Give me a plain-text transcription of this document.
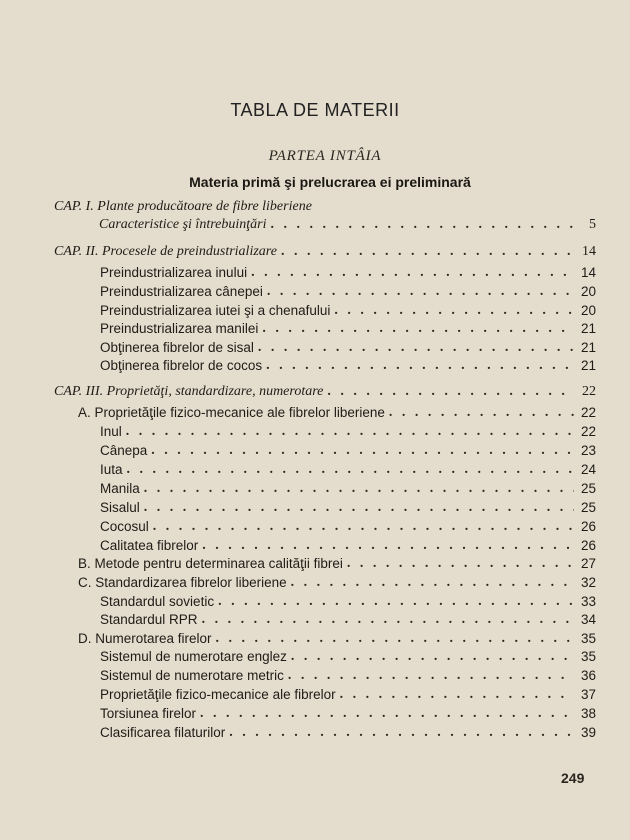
TABLA DE MATERII
PARTEA INTÂIA
Materia primă şi prelucrarea ei preliminară
CAP. I. Plante producătoare de fibre liberiene
Caracteristice şi întrebuinţări . . .	5
CAP. II. Procesele de preindustrializare . . .	14
Preindustrializarea inului . . .	14
Preindustrializarea cânepei . . .	20
Preindustrializarea iutei şi a chenafului . . .	20
Preindustrializarea manilei . . .	21
Obţinerea fibrelor de sisal . . .	21
Obţinerea fibrelor de cocos . . .	21
CAP. III. Proprietăţi, standardizare, numerotare . . .	22
A. Proprietăţile fizico-mecanice ale fibrelor liberiene . . .	22
Inul . . .	22
Cânepa . . .	23
Iuta . . .	24
Manila . . .	25
Sisalul . . .	25
Cocosul . . .	26
Calitatea fibrelor . . .	26
B. Metode pentru determinarea calităţii fibrei . . .	27
C. Standardizarea fibrelor liberiene . . .	32
Standardul sovietic . . .	33
Standardul RPR . . .	34
D. Numerotarea firelor . . .	35
Sistemul de numerotare englez . . .	35
Sistemul de numerotare metric . . .	36
Proprietăţile fizico-mecanice ale fibrelor . . .	37
Torsiunea firelor . . .	38
Clasificarea filaturilor . . .	39
249
